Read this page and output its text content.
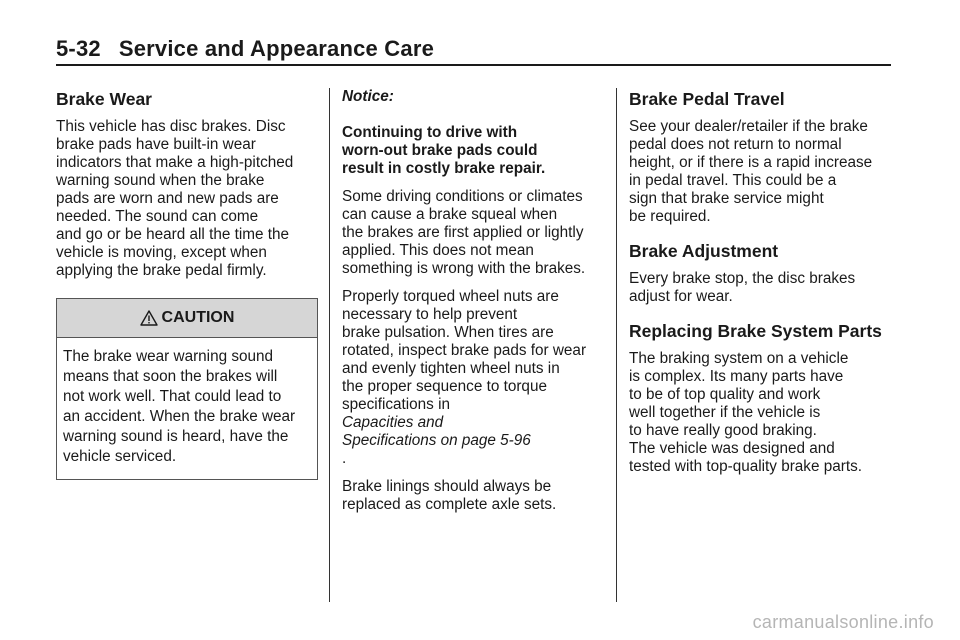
5-32 Service and Appearance Care
Brake Wear

This vehicle has disc brakes. Disc
brake pads have built-in wear
indicators that make a high-pitched
warning sound when the brake
pads are worn and new pads are
needed. The sound can come
and go or be heard all the time the
vehicle is moving, except when
applying the brake pedal firmly.

CAUTION
The brake wear warning sound
means that soon the brakes will
not work well. That could lead to
an accident. When the brake wear
warning sound is heard, have the
vehicle serviced.

Notice:

Continuing to drive with
worn-out brake pads could
result in costly brake repair.

Some driving conditions or climates
can cause a brake squeal when
the brakes are first applied or lightly
applied. This does not mean
something is wrong with the brakes.

Properly torqued wheel nuts are
necessary to help prevent
brake pulsation. When tires are
rotated, inspect brake pads for wear
and evenly tighten wheel nuts in
the proper sequence to torque
specifications in
Capacities and
Specifications on page 5-96
.

Brake linings should always be
replaced as complete axle sets.

Brake Pedal Travel

See your dealer/retailer if the brake
pedal does not return to normal
height, or if there is a rapid increase
in pedal travel. This could be a
sign that brake service might
be required.

Brake Adjustment

Every brake stop, the disc brakes
adjust for wear.

Replacing Brake System Parts

The braking system on a vehicle
is complex. Its many parts have
to be of top quality and work
well together if the vehicle is
to have really good braking.
The vehicle was designed and
tested with top-quality brake parts.

carmanualsonline.info
